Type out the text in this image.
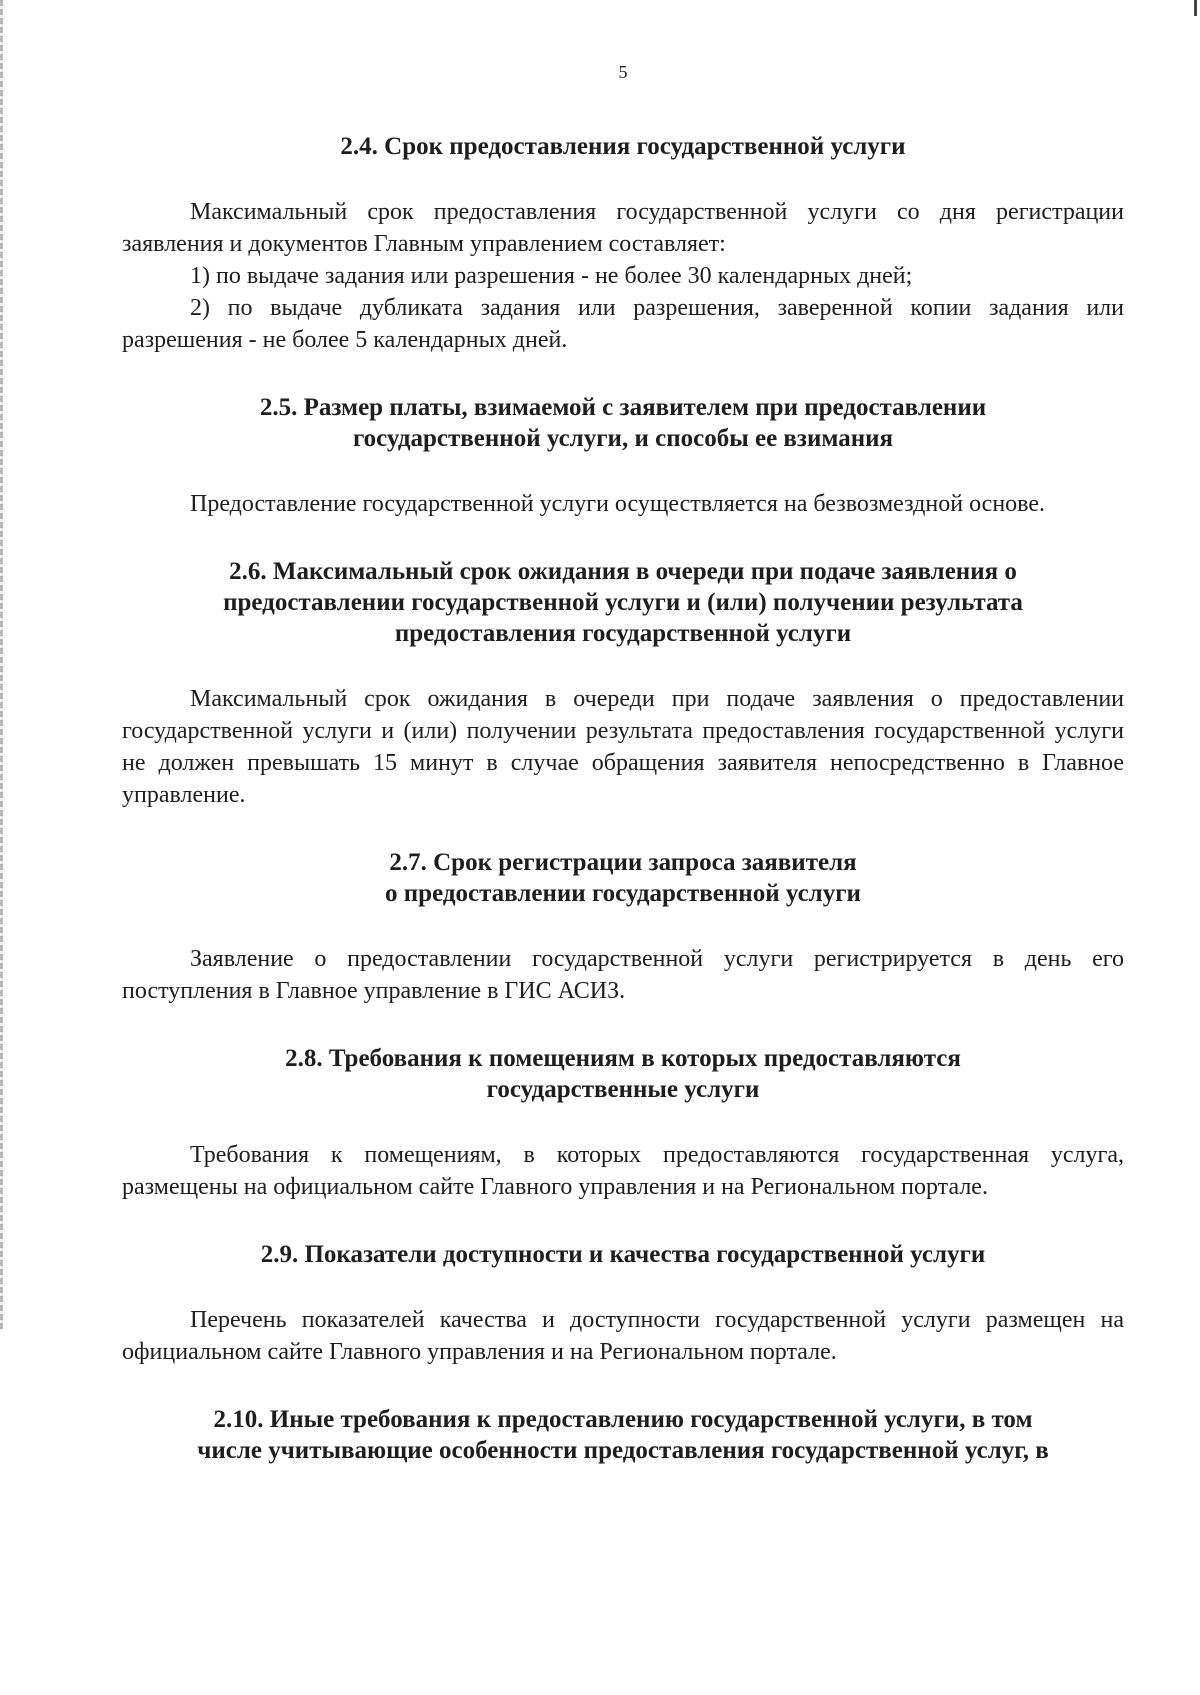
5
2.4. Срок предоставления государственной услуги

Максимальный срок предоставления государственной услуги со дня регистрации заявления и документов Главным управлением составляет:

1) по выдаче задания или разрешения - не более 30 календарных дней;

2) по выдаче дубликата задания или разрешения, заверенной копии задания или разрешения - не более 5 календарных дней.

2.5. Размер платы, взимаемой с заявителем при предоставлении
государственной услуги, и способы ее взимания

Предоставление государственной услуги осуществляется на безвозмездной основе.

2.6. Максимальный срок ожидания в очереди при подаче заявления о
предоставлении государственной услуги и (или) получении результата
предоставления государственной услуги

Максимальный срок ожидания в очереди при подаче заявления о предоставлении государственной услуги и (или) получении результата предоставления государственной услуги не должен превышать 15 минут в случае обращения заявителя непосредственно в Главное управление.

2.7. Срок регистрации запроса заявителя
о предоставлении государственной услуги

Заявление о предоставлении государственной услуги регистрируется в день его поступления в Главное управление в ГИС АСИЗ.

2.8. Требования к помещениям в которых предоставляются
государственные услуги

Требования к помещениям, в которых предоставляются государственная услуга, размещены на официальном сайте Главного управления и на Региональном портале.

2.9. Показатели доступности и качества государственной услуги

Перечень показателей качества и доступности государственной услуги размещен на официальном сайте Главного управления и на Региональном портале.

2.10. Иные требования к предоставлению государственной услуги, в том
числе учитывающие особенности предоставления государственной услуг, в
